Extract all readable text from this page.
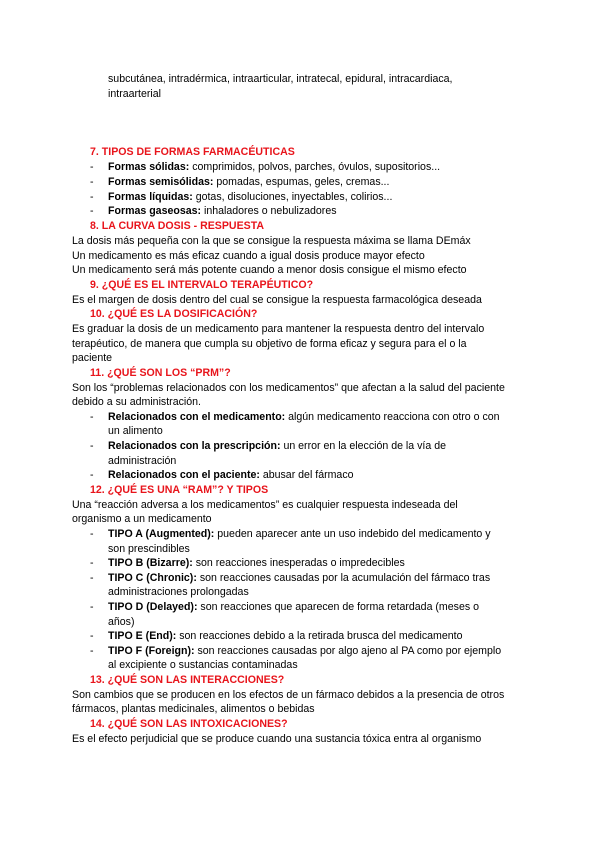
subcutánea, intradérmica, intraarticular, intratecal, epidural, intracardiaca,
intraarterial
7. TIPOS DE FORMAS FARMACÉUTICAS
- Formas sólidas: comprimidos, polvos, parches, óvulos, supositorios...
- Formas semisólidas: pomadas, espumas, geles, cremas...
- Formas líquidas: gotas, disoluciones, inyectables, colirios...
- Formas gaseosas: inhaladores o nebulizadores
8. LA CURVA DOSIS - RESPUESTA
La dosis más pequeña con la que se consigue la respuesta máxima se llama DEmáx
Un medicamento es más eficaz cuando a igual dosis produce mayor efecto
Un medicamento será más potente cuando a menor dosis consigue el mismo efecto
9. ¿QUÉ ES EL INTERVALO TERAPÉUTICO?
Es el margen de dosis dentro del cual se consigue la respuesta farmacológica deseada
10. ¿QUÉ ES LA DOSIFICACIÓN?
Es graduar la dosis de un medicamento para mantener la respuesta dentro del intervalo
terapéutico, de manera que cumpla su objetivo de forma eficaz y segura para el o la
paciente
11. ¿QUÉ SON LOS “PRM”?
Son los “problemas relacionados con los medicamentos” que afectan a la salud del paciente
debido a su administración.
- Relacionados con el medicamento: algún medicamento reacciona con otro o con
un alimento
- Relacionados con la prescripción: un error en la elección de la vía de
administración
- Relacionados con el paciente: abusar del fármaco
12. ¿QUÉ ES UNA “RAM”? Y TIPOS
Una “reacción adversa a los medicamentos” es cualquier respuesta indeseada del
organismo a un medicamento
- TIPO A (Augmented): pueden aparecer ante un uso indebido del medicamento y
son prescindibles
- TIPO B (Bizarre): son reacciones inesperadas o impredecibles
- TIPO C (Chronic): son reacciones causadas por la acumulación del fármaco tras
administraciones prolongadas
- TIPO D (Delayed): son reacciones que aparecen de forma retardada (meses o
años)
- TIPO E (End): son reacciones debido a la retirada brusca del medicamento
- TIPO F (Foreign): son reacciones causadas por algo ajeno al PA como por ejemplo
al excipiente o sustancias contaminadas
13. ¿QUÉ SON LAS INTERACCIONES?
Son cambios que se producen en los efectos de un fármaco debidos a la presencia de otros
fármacos, plantas medicinales, alimentos o bebidas
14. ¿QUÉ SON LAS INTOXICACIONES?
Es el efecto perjudicial que se produce cuando una sustancia tóxica entra al organismo
